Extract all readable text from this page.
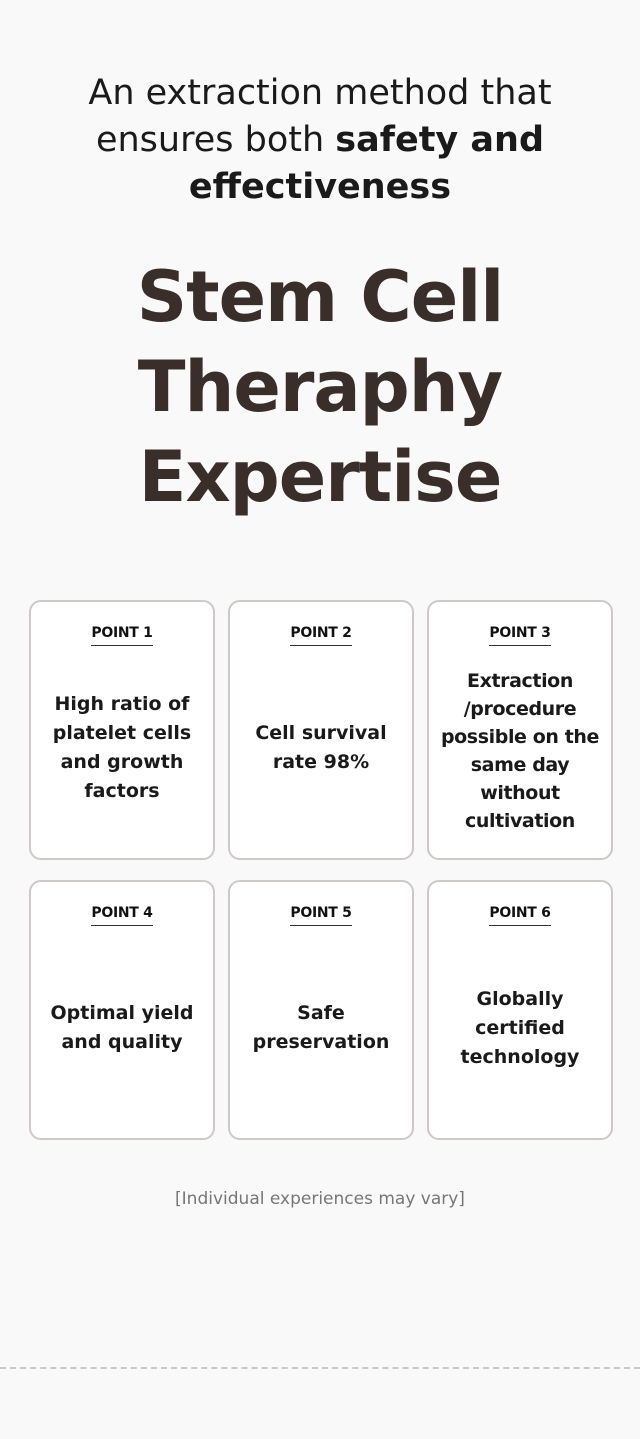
An extraction method that
ensures both safety and
effectiveness
Stem Cell
Theraphy
Expertise
POINT 1
High ratio of
platelet cells
and growth
factors
POINT 2
Cell survival
rate 98%
POINT 3
Extraction
/procedure
possible on the
same day
without
cultivation
POINT 4
Optimal yield
and quality
POINT 5
Safe
preservation
POINT 6
Globally
certified
technology
[Individual experiences may vary]
